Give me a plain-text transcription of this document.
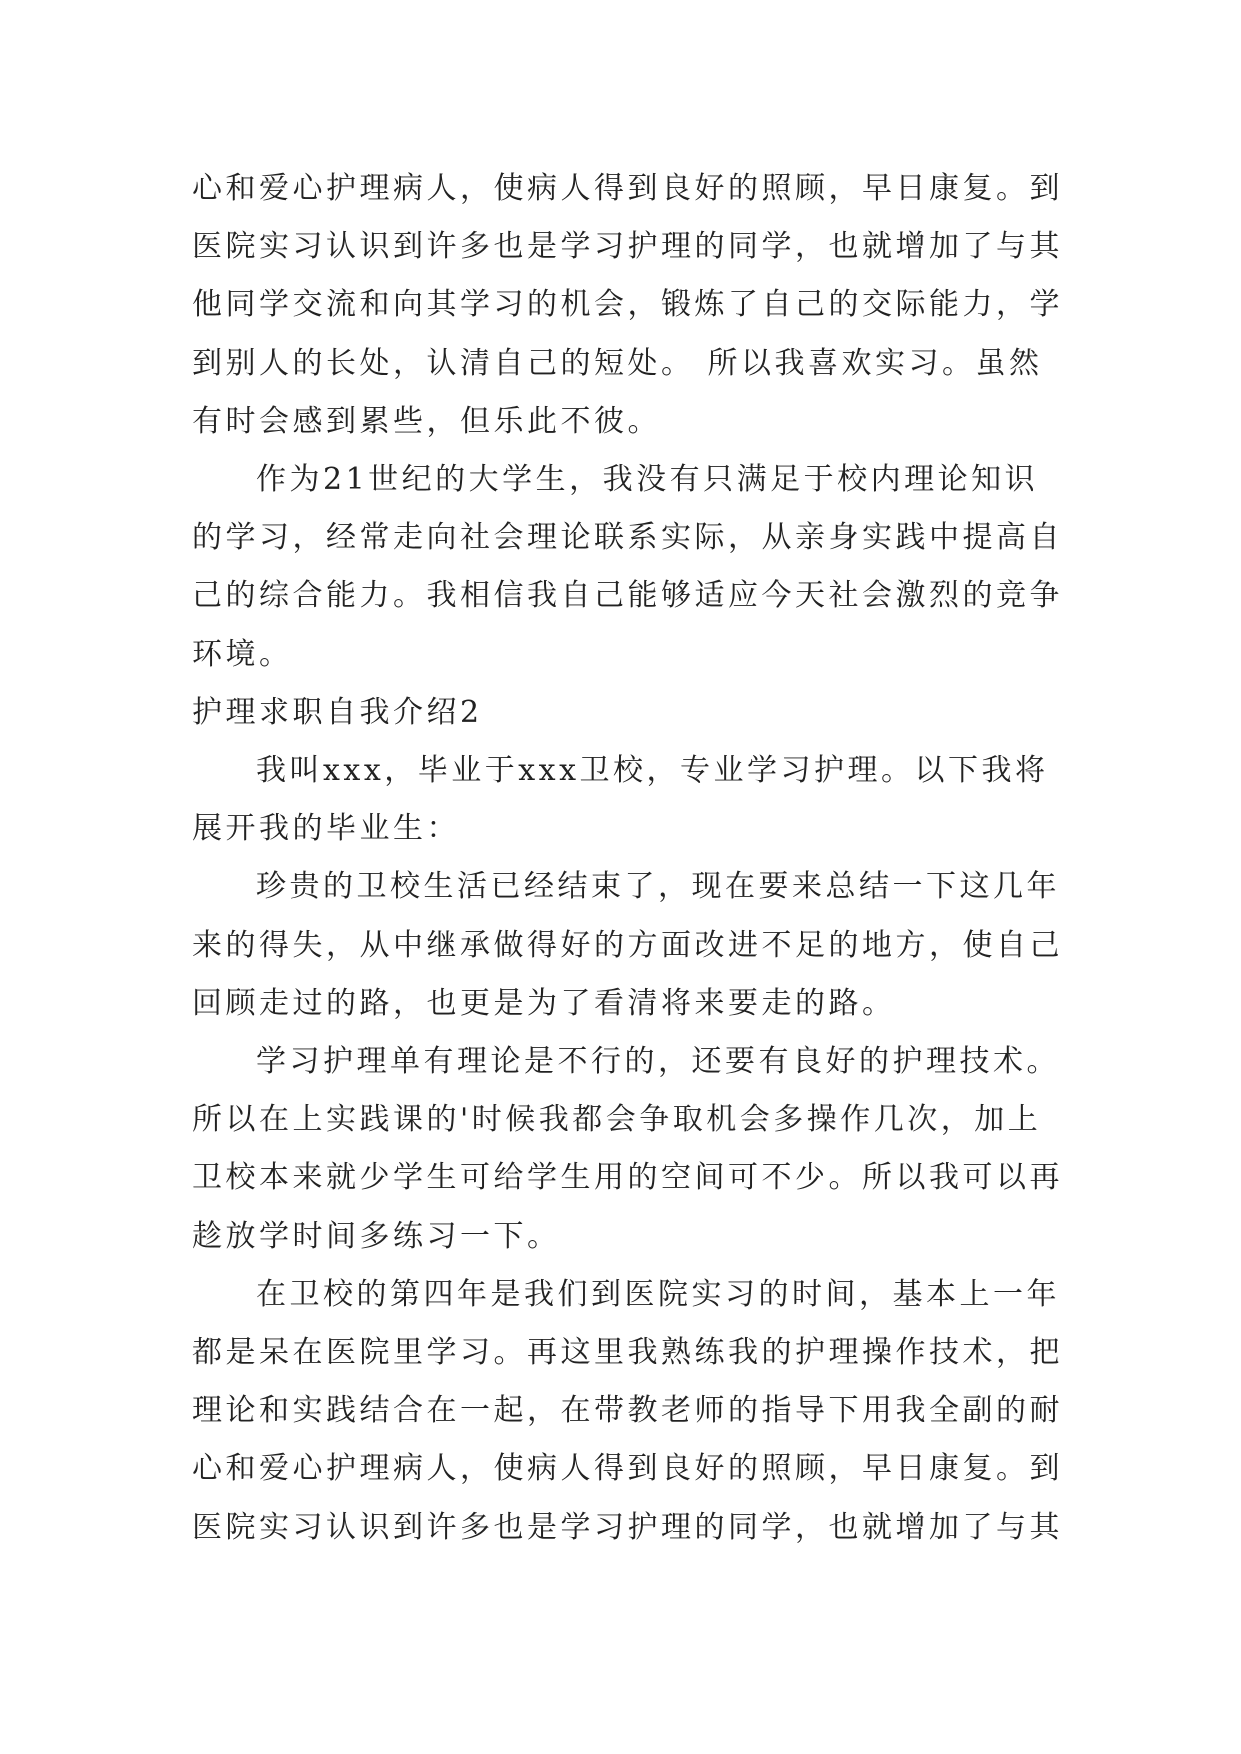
心和爱心护理病人，使病人得到良好的照顾，早日康复。到
医院实习认识到许多也是学习护理的同学，也就增加了与其
他同学交流和向其学习的机会，锻炼了自己的交际能力，学
到别人的长处，认清自己的短处。 所以我喜欢实习。虽然
有时会感到累些，但乐此不彼。

作为21世纪的大学生，我没有只满足于校内理论知识
的学习，经常走向社会理论联系实际，从亲身实践中提高自
己的综合能力。我相信我自己能够适应今天社会激烈的竞争
环境。

护理求职自我介绍2

我叫xxx，毕业于xxx卫校，专业学习护理。以下我将
展开我的毕业生：

珍贵的卫校生活已经结束了，现在要来总结一下这几年
来的得失，从中继承做得好的方面改进不足的地方，使自己
回顾走过的路，也更是为了看清将来要走的路。

学习护理单有理论是不行的，还要有良好的护理技术。
所以在上实践课的'时候我都会争取机会多操作几次，加上
卫校本来就少学生可给学生用的空间可不少。所以我可以再
趁放学时间多练习一下。

在卫校的第四年是我们到医院实习的时间，基本上一年
都是呆在医院里学习。再这里我熟练我的护理操作技术，把
理论和实践结合在一起，在带教老师的指导下用我全副的耐
心和爱心护理病人，使病人得到良好的照顾，早日康复。到
医院实习认识到许多也是学习护理的同学，也就增加了与其
